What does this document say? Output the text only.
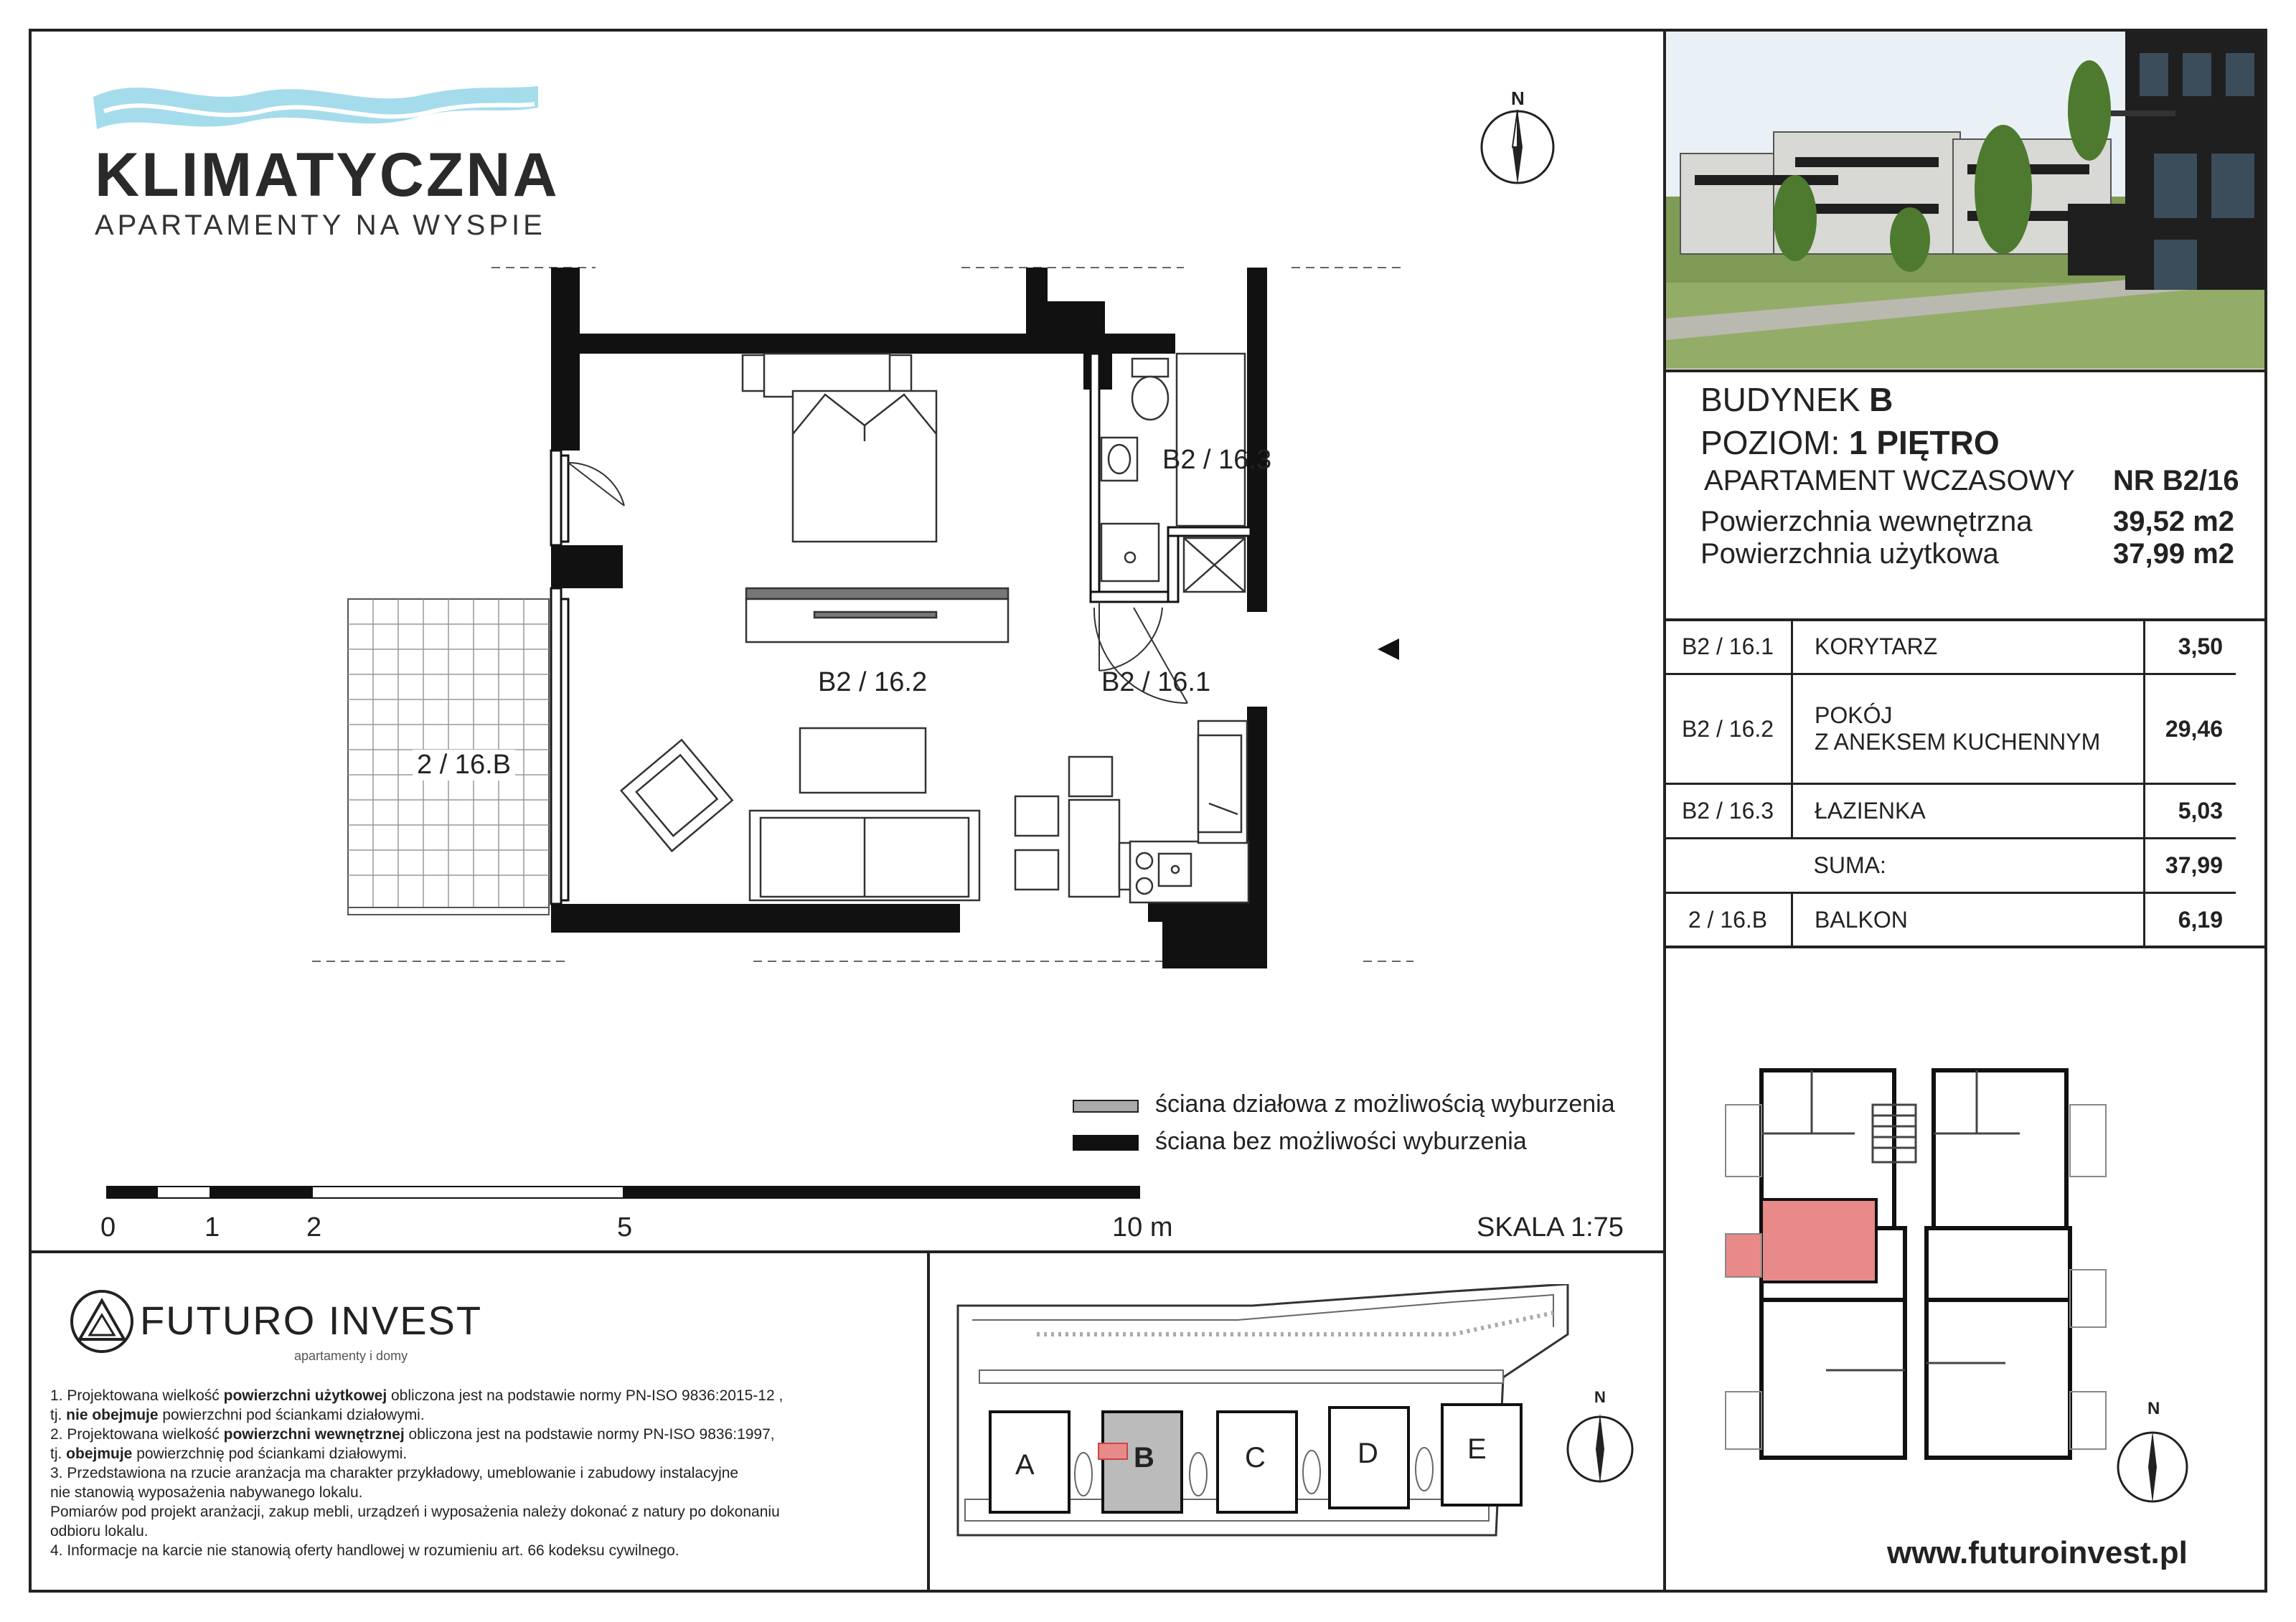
KLIMATYCZNA
APARTAMENTY NA WYSPIE
N
B2 / 16.2	B2 / 16.1
B2 / 16.3
2 / 16.B
ściana działowa z możliwością wyburzenia
ściana bez możliwości wyburzenia
0	1	2	5	10 m	SKALA 1:75
FUTURO INVEST
apartamenty i domy
1. Projektowana wielkość powierzchni użytkowej obliczona jest na podstawie normy PN-ISO 9836:2015-12 ,
tj. nie obejmuje powierzchni pod ściankami działowymi.
2. Projektowana wielkość powierzchni wewnętrznej obliczona jest na podstawie normy PN-ISO 9836:1997,
tj. obejmuje powierzchnię pod ściankami działowymi.
3. Przedstawiona na rzucie aranżacja ma charakter przykładowy, umeblowanie i zabudowy instalacyjne
nie stanowią wyposażenia nabywanego lokalu.
Pomiarów pod projekt aranżacji, zakup mebli, urządzeń i wyposażenia należy dokonać z natury po dokonaniu
odbioru lokalu.
4. Informacje na karcie nie stanowią oferty handlowej w rozumieniu art. 66 kodeksu cywilnego.
A	B	C	D	E
N
BUDYNEK B
POZIOM: 1 PIĘTRO
APARTAMENT WCZASOWY NR B2/16
Powierzchnia wewnętrzna	39,52 m2
Powierzchnia użytkowa	37,99 m2
B2 / 16.1	KORYTARZ	3,50
B2 / 16.2	POKÓJ
Z ANEKSEM KUCHENNYM	29,46
B2 / 16.3	ŁAZIENKA	5,03
	SUMA:	37,99
2 / 16.B	BALKON	6,19
N
www.futuroinvest.pl
